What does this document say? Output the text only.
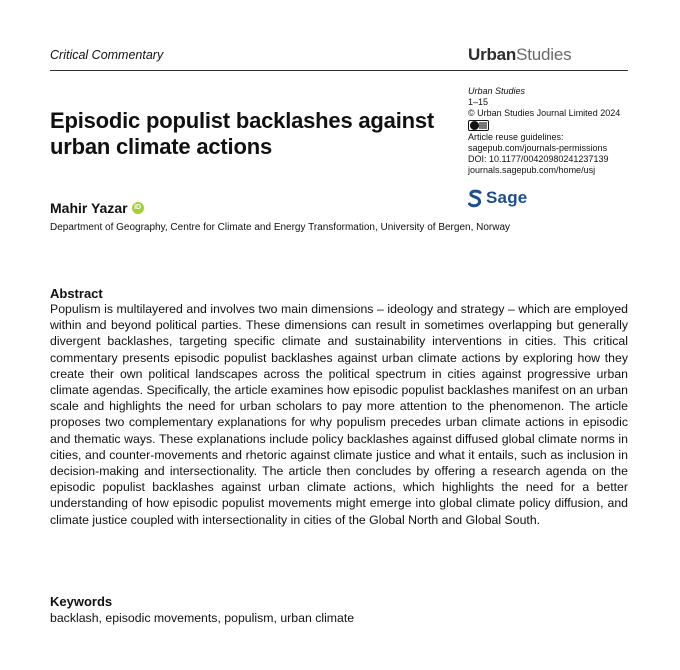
Critical Commentary	UrbanStudies
Episodic populist backlashes against urban climate actions
Urban Studies
1–15
© Urban Studies Journal Limited 2024
Article reuse guidelines:
sagepub.com/journals-permissions
DOI: 10.1177/00420980241237139
journals.sagepub.com/home/usj
Sage
Mahir Yazar iD
Department of Geography, Centre for Climate and Energy Transformation, University of Bergen, Norway
Abstract
Populism is multilayered and involves two main dimensions – ideology and strategy – which are employed within and beyond political parties. These dimensions can result in sometimes overlapping but generally divergent backlashes, targeting specific climate and sustainability interventions in cities. This critical commentary presents episodic populist backlashes against urban climate actions by exploring how they create their own political landscapes across the political spectrum in cities against progressive urban climate agendas. Specifically, the article examines how episodic populist backlashes manifest on an urban scale and highlights the need for urban scholars to pay more attention to the phenomenon. The article proposes two complementary explanations for why populism precedes urban climate actions in episodic and thematic ways. These explanations include policy backlashes against diffused global climate norms in cities, and counter-movements and rhetoric against climate justice and what it entails, such as inclusion in decision-making and intersectionality. The article then concludes by offering a research agenda on the episodic populist backlashes against urban climate actions, which highlights the need for a better understanding of how episodic populist movements might emerge into global climate policy diffusion, and climate justice coupled with intersectionality in cities of the Global North and Global South.
Keywords
backlash, episodic movements, populism, urban climate
